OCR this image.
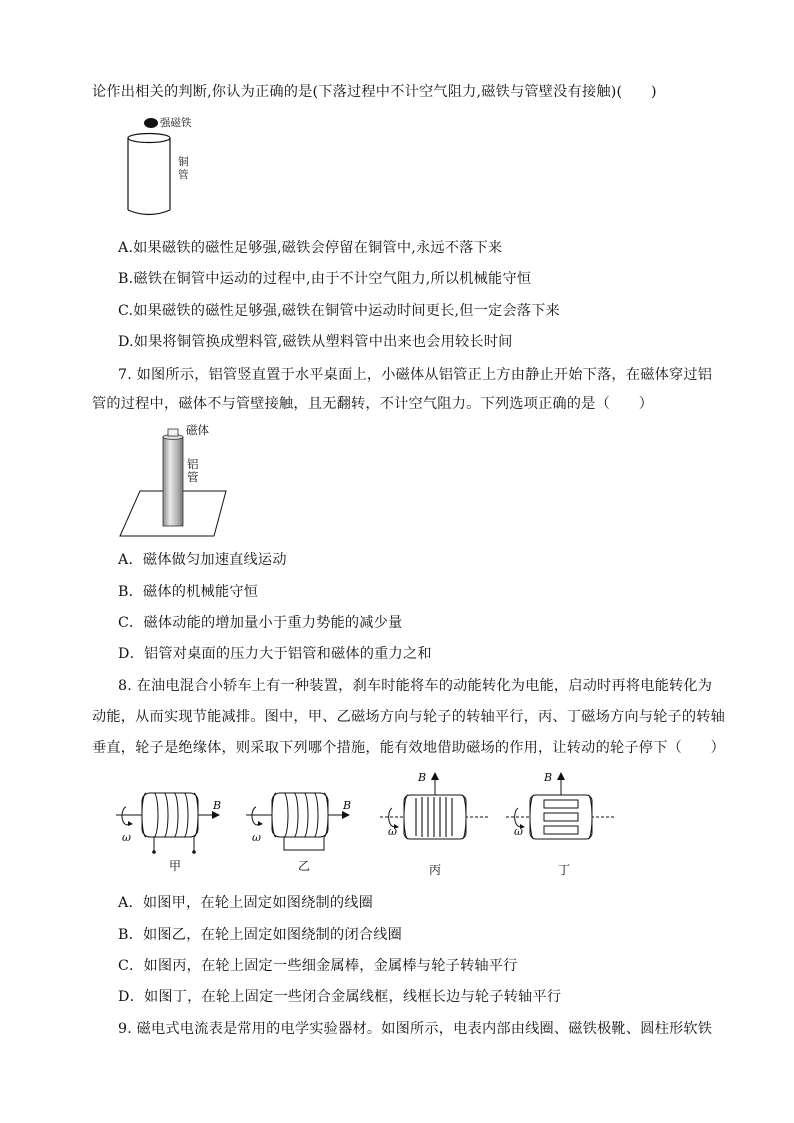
论作出相关的判断,你认为正确的是(下落过程中不计空气阻力,磁铁与管壁没有接触)(　　)
强磁铁
铜管
A.如果磁铁的磁性足够强,磁铁会停留在铜管中,永远不落下来
B.磁铁在铜管中运动的过程中,由于不计空气阻力,所以机械能守恒
C.如果磁铁的磁性足够强,磁铁在铜管中运动时间更长,但一定会落下来
D.如果将铜管换成塑料管,磁铁从塑料管中出来也会用较长时间
7. 如图所示，铝管竖直置于水平桌面上，小磁体从铝管正上方由静止开始下落，在磁体穿过铝
管的过程中，磁体不与管壁接触，且无翻转，不计空气阻力。下列选项正确的是（　　）
磁体
铝管
A．磁体做匀加速直线运动
B．磁体的机械能守恒
C．磁体动能的增加量小于重力势能的减少量
D．铝管对桌面的压力大于铝管和磁体的重力之和
8. 在油电混合小轿车上有一种装置，刹车时能将车的动能转化为电能，启动时再将电能转化为
动能，从而实现节能减排。图中，甲、乙磁场方向与轮子的转轴平行，丙、丁磁场方向与轮子的转轴
垂直，轮子是绝缘体，则采取下列哪个措施，能有效地借助磁场的作用，让转动的轮子停下（　　）
B
ω
甲
B
ω
乙
B
ω
丙
B
ω
丁
A．如图甲，在轮上固定如图绕制的线圈
B．如图乙，在轮上固定如图绕制的闭合线圈
C．如图丙，在轮上固定一些细金属棒，金属棒与轮子转轴平行
D．如图丁，在轮上固定一些闭合金属线框，线框长边与轮子转轴平行
9. 磁电式电流表是常用的电学实验器材。如图所示，电表内部由线圈、磁铁极靴、圆柱形软铁
